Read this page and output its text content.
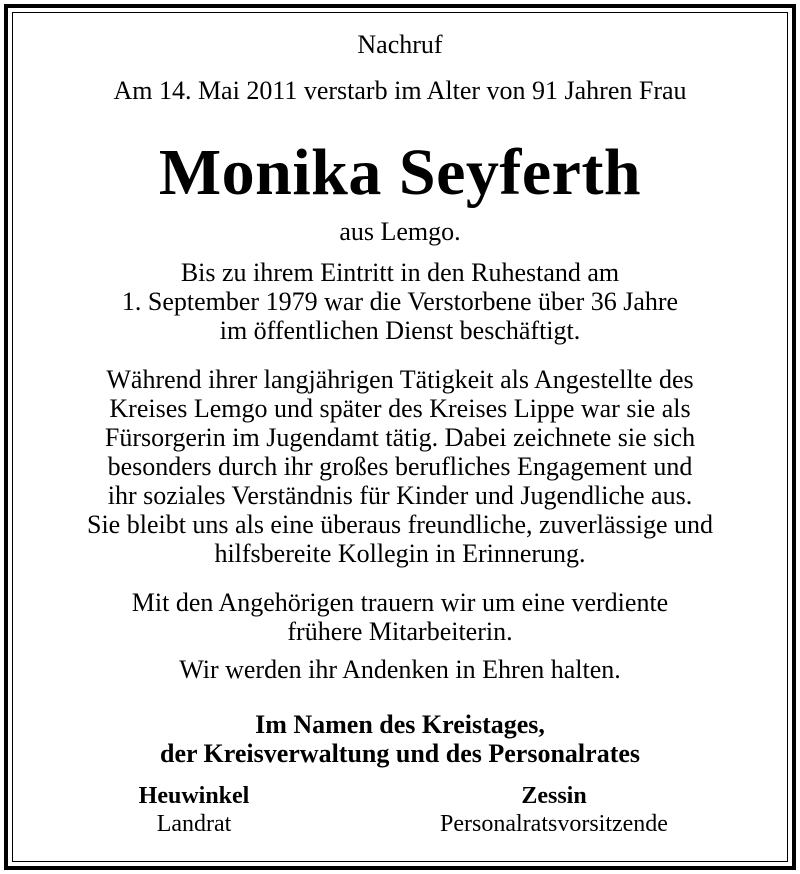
Nachruf
Am 14. Mai 2011 verstarb im Alter von 91 Jahren Frau
Monika Seyferth
aus Lemgo.
Bis zu ihrem Eintritt in den Ruhestand am
1. September 1979 war die Verstorbene über 36 Jahre
im öffentlichen Dienst beschäftigt.
Während ihrer langjährigen Tätigkeit als Angestellte des
Kreises Lemgo und später des Kreises Lippe war sie als
Fürsorgerin im Jugendamt tätig. Dabei zeichnete sie sich
besonders durch ihr großes berufliches Engagement und
ihr soziales Verständnis für Kinder und Jugendliche aus.
Sie bleibt uns als eine überaus freundliche, zuverlässige und
hilfsbereite Kollegin in Erinnerung.
Mit den Angehörigen trauern wir um eine verdiente
frühere Mitarbeiterin.
Wir werden ihr Andenken in Ehren halten.
Im Namen des Kreistages,
der Kreisverwaltung und des Personalrates
Heuwinkel
Landrat
Zessin
Personalratsvorsitzende
